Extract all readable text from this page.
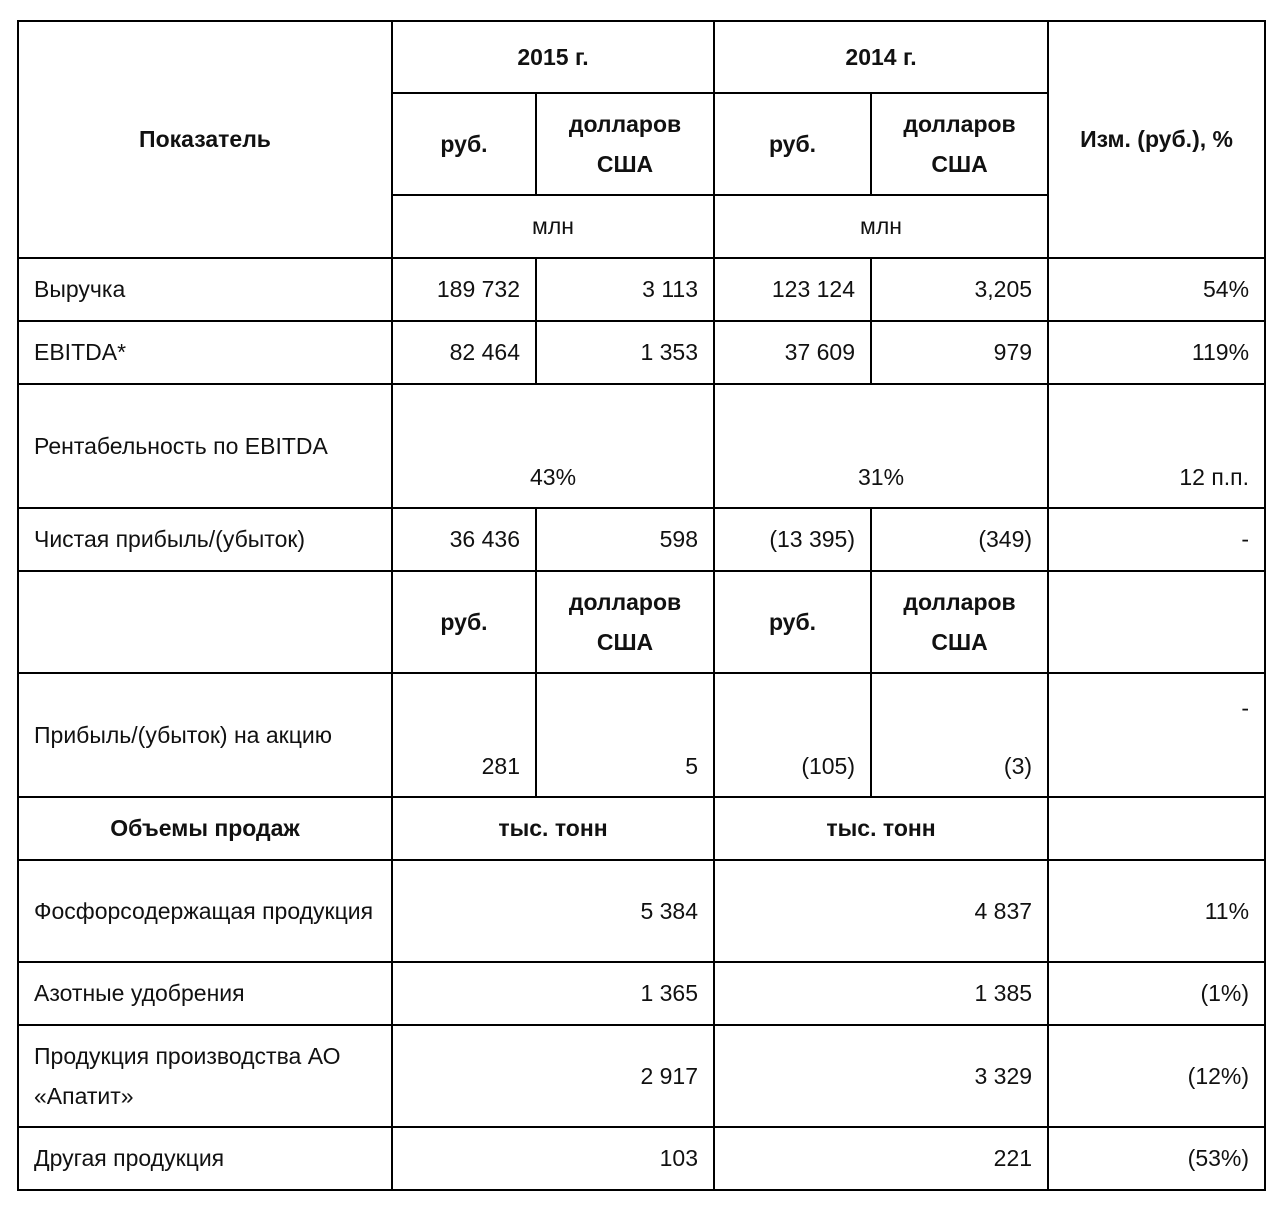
Показатель	2015 г.		2014 г.		Изм. (руб.), %
	руб.	долларов США	руб.	долларов США	
	млн		млн		
Выручка	189 732	3 113	123 124	3,205	54%
EBITDA*	82 464	1 353	37 609	979	119%
Рентабельность по EBITDA	43%		31%		12 п.п.
Чистая прибыль/(убыток)	36 436	598	(13 395)	(349)	-
	руб.	долларов США	руб.	долларов США	
Прибыль/(убыток) на акцию	281	5	(105)	(3)	-
Объемы продаж	тыс. тонн		тыс. тонн		
Фосфорсодержащая продукция	5 384		4 837		11%
Азотные удобрения	1 365		1 385		(1%)
Продукция производства АО «Апатит»	2 917		3 329		(12%)
Другая продукция	103		221		(53%)
